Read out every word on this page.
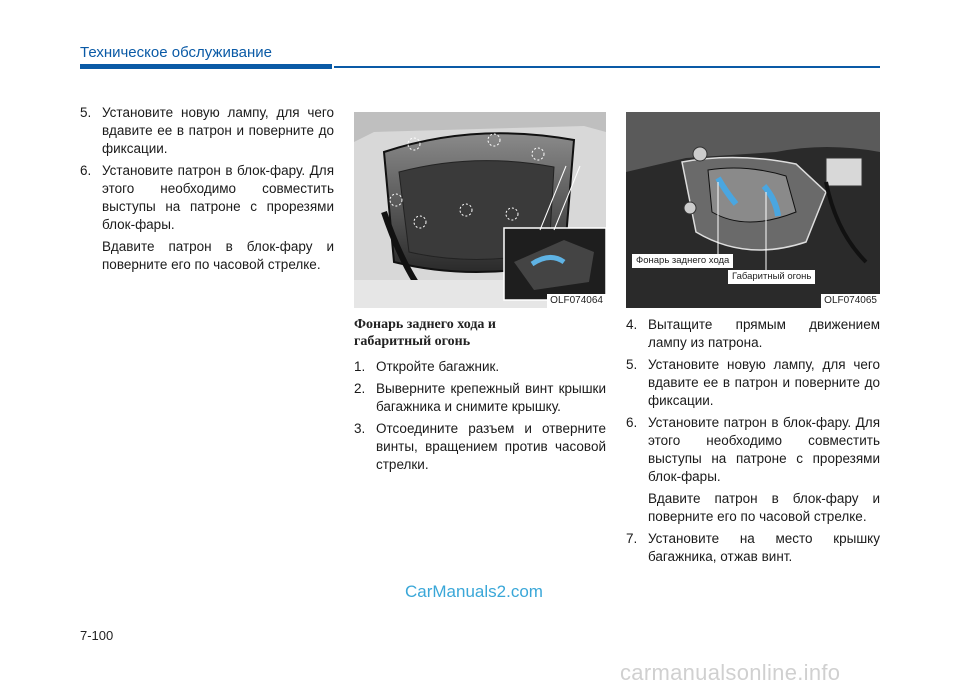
Техническое обслуживание
5. Установите новую лампу, для чего вдавите ее в патрон и поверните до фиксации.
6. Установите патрон в блок-фару. Для этого необходимо совместить выступы на патроне с прорезями блок-фары.
Вдавите патрон в блок-фару и поверните его по часовой стрелке.
OLF074064
Фонарь заднего хода
Габаритный огонь
OLF074065
Фонарь заднего хода и
габаритный огонь
1. Откройте багажник.
2. Выверните крепежный винт крышки багажника и снимите крышку.
3. Отсоедините разъем и отверните винты, вращением против часовой стрелки.
4. Вытащите прямым движением лампу из патрона.
5. Установите новую лампу, для чего вдавите ее в патрон и поверните до фиксации.
6. Установите патрон в блок-фару. Для этого необходимо совместить выступы на патроне с прорезями блок-фары.
Вдавите патрон в блок-фару и поверните его по часовой стрелке.
7. Установите на место крышку багажника, отжав винт.
CarManuals2.com
7-100
carmanualsonline.info
